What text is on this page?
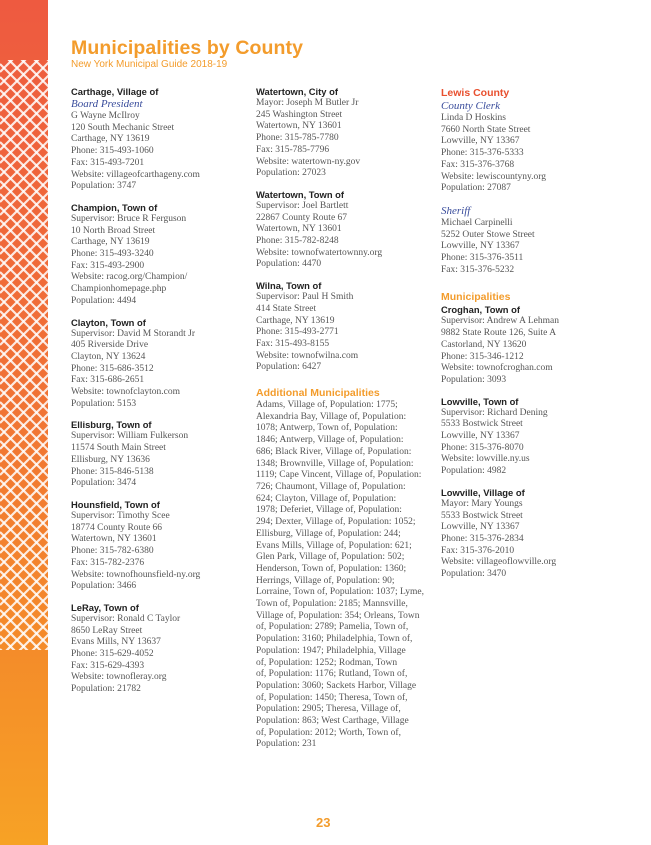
Municipalities by County
New York Municipal Guide 2018-19
Carthage, Village of
Board President
G Wayne McIlroy
120 South Mechanic Street
Carthage, NY 13619
Phone: 315-493-1060
Fax: 315-493-7201
Website: villageofcarthageny.com
Population: 3747
Champion, Town of
Supervisor: Bruce R Ferguson
10 North Broad Street
Carthage, NY 13619
Phone: 315-493-3240
Fax: 315-493-2900
Website: racog.org/Champion/
Championhomepage.php
Population: 4494
Clayton, Town of
Supervisor: David M Storandt Jr
405 Riverside Drive
Clayton, NY 13624
Phone: 315-686-3512
Fax: 315-686-2651
Website: townofclayton.com
Population: 5153
Ellisburg, Town of
Supervisor: William Fulkerson
11574 South Main Street
Ellisburg, NY 13636
Phone: 315-846-5138
Population: 3474
Hounsfield, Town of
Supervisor: Timothy Scee
18774 County Route 66
Watertown, NY 13601
Phone: 315-782-6380
Fax: 315-782-2376
Website: townofhounsfield-ny.org
Population: 3466
LeRay, Town of
Supervisor: Ronald C Taylor
8650 LeRay Street
Evans Mills, NY 13637
Phone: 315-629-4052
Fax: 315-629-4393
Website: townofleray.org
Population: 21782
Watertown, City of
Mayor: Joseph M Butler Jr
245 Washington Street
Watertown, NY 13601
Phone: 315-785-7780
Fax: 315-785-7796
Website: watertown-ny.gov
Population: 27023
Watertown, Town of
Supervisor: Joel Bartlett
22867 County Route 67
Watertown, NY 13601
Phone: 315-782-8248
Website: townofwatertownny.org
Population: 4470
Wilna, Town of
Supervisor: Paul H Smith
414 State Street
Carthage, NY 13619
Phone: 315-493-2771
Fax: 315-493-8155
Website: townofwilna.com
Population: 6427
Additional Municipalities
Adams, Village of, Population: 1775;
Alexandria Bay, Village of, Population:
1078; Antwerp, Town of, Population:
1846; Antwerp, Village of, Population:
686; Black River, Village of, Population:
1348; Brownville, Village of, Population:
1119; Cape Vincent, Village of, Population:
726; Chaumont, Village of, Population:
624; Clayton, Village of, Population:
1978; Deferiet, Village of, Population:
294; Dexter, Village of, Population: 1052;
Ellisburg, Village of, Population: 244;
Evans Mills, Village of, Population: 621;
Glen Park, Village of, Population: 502;
Henderson, Town of, Population: 1360;
Herrings, Village of, Population: 90;
Lorraine, Town of, Population: 1037; Lyme,
Town of, Population: 2185; Mannsville,
Village of, Population: 354; Orleans, Town
of, Population: 2789; Pamelia, Town of,
Population: 3160; Philadelphia, Town of,
Population: 1947; Philadelphia, Village
of, Population: 1252; Rodman, Town
of, Population: 1176; Rutland, Town of,
Population: 3060; Sackets Harbor, Village
of, Population: 1450; Theresa, Town of,
Population: 2905; Theresa, Village of,
Population: 863; West Carthage, Village
of, Population: 2012; Worth, Town of,
Population: 231
Lewis County
County Clerk
Linda D Hoskins
7660 North State Street
Lowville, NY 13367
Phone: 315-376-5333
Fax: 315-376-3768
Website: lewiscountyny.org
Population: 27087
Sheriff
Michael Carpinelli
5252 Outer Stowe Street
Lowville, NY 13367
Phone: 315-376-3511
Fax: 315-376-5232
Municipalities
Croghan, Town of
Supervisor: Andrew A Lehman
9882 State Route 126, Suite A
Castorland, NY 13620
Phone: 315-346-1212
Website: townofcroghan.com
Population: 3093
Lowville, Town of
Supervisor: Richard Dening
5533 Bostwick Street
Lowville, NY 13367
Phone: 315-376-8070
Website: lowville.ny.us
Population: 4982
Lowville, Village of
Mayor: Mary Youngs
5533 Bostwick Street
Lowville, NY 13367
Phone: 315-376-2834
Fax: 315-376-2010
Website: villageoflowville.org
Population: 3470
23
